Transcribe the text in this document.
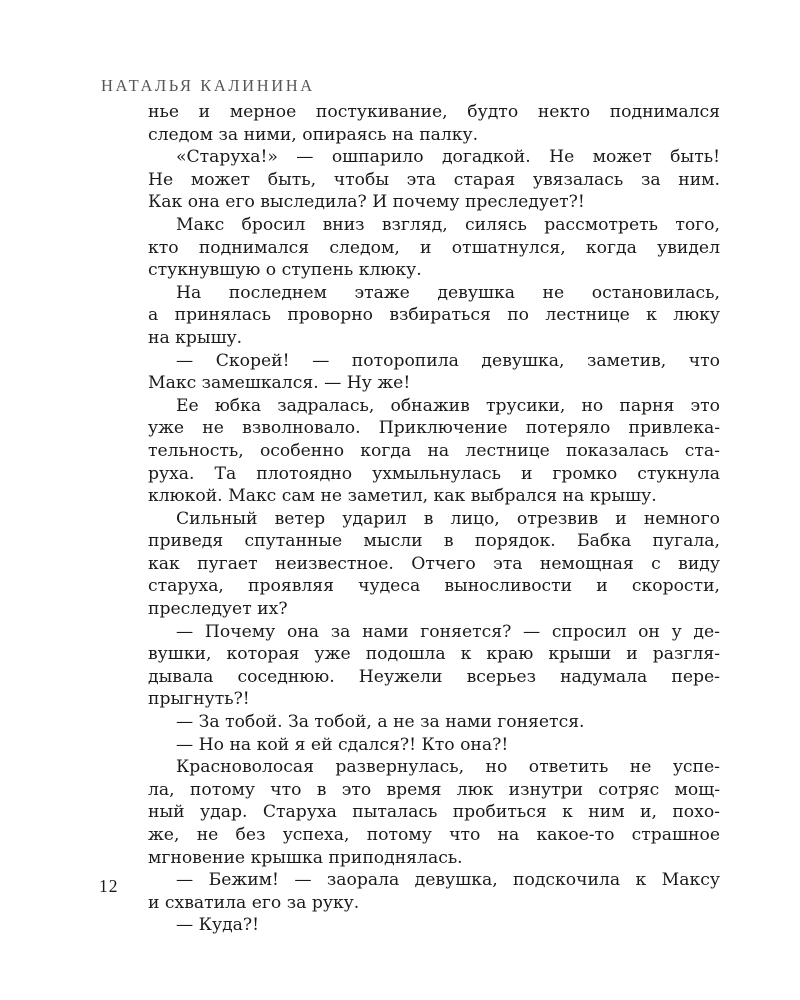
НАТАЛЬЯ КАЛИНИНА
нье и мерное постукивание, будто некто поднимался
следом за ними, опираясь на палку.
«Старуха!» — ошпарило догадкой. Не может быть!
Не может быть, чтобы эта старая увязалась за ним.
Как она его выследила? И почему преследует?!
Макс бросил вниз взгляд, силясь рассмотреть того,
кто поднимался следом, и отшатнулся, когда увидел
стукнувшую о ступень клюку.
На последнем этаже девушка не остановилась,
а принялась проворно взбираться по лестнице к люку
на крышу.
— Скорей! — поторопила девушка, заметив, что
Макс замешкался. — Ну же!
Ее юбка задралась, обнажив трусики, но парня это
уже не взволновало. Приключение потеряло привлека-
тельность, особенно когда на лестнице показалась ста-
руха. Та плотоядно ухмыльнулась и громко стукнула
клюкой. Макс сам не заметил, как выбрался на крышу.
Сильный ветер ударил в лицо, отрезвив и немного
приведя спутанные мысли в порядок. Бабка пугала,
как пугает неизвестное. Отчего эта немощная с виду
старуха, проявляя чудеса выносливости и скорости,
преследует их?
— Почему она за нами гоняется? — спросил он у де-
вушки, которая уже подошла к краю крыши и разгля-
дывала соседнюю. Неужели всерьез надумала пере-
прыгнуть?!
— За тобой. За тобой, а не за нами гоняется.
— Но на кой я ей сдался?! Кто она?!
Красноволосая развернулась, но ответить не успе-
ла, потому что в это время люк изнутри сотряс мощ-
ный удар. Старуха пыталась пробиться к ним и, похо-
же, не без успеха, потому что на какое-то страшное
мгновение крышка приподнялась.
— Бежим! — заорала девушка, подскочила к Максу
и схватила его за руку.
— Куда?!
12
